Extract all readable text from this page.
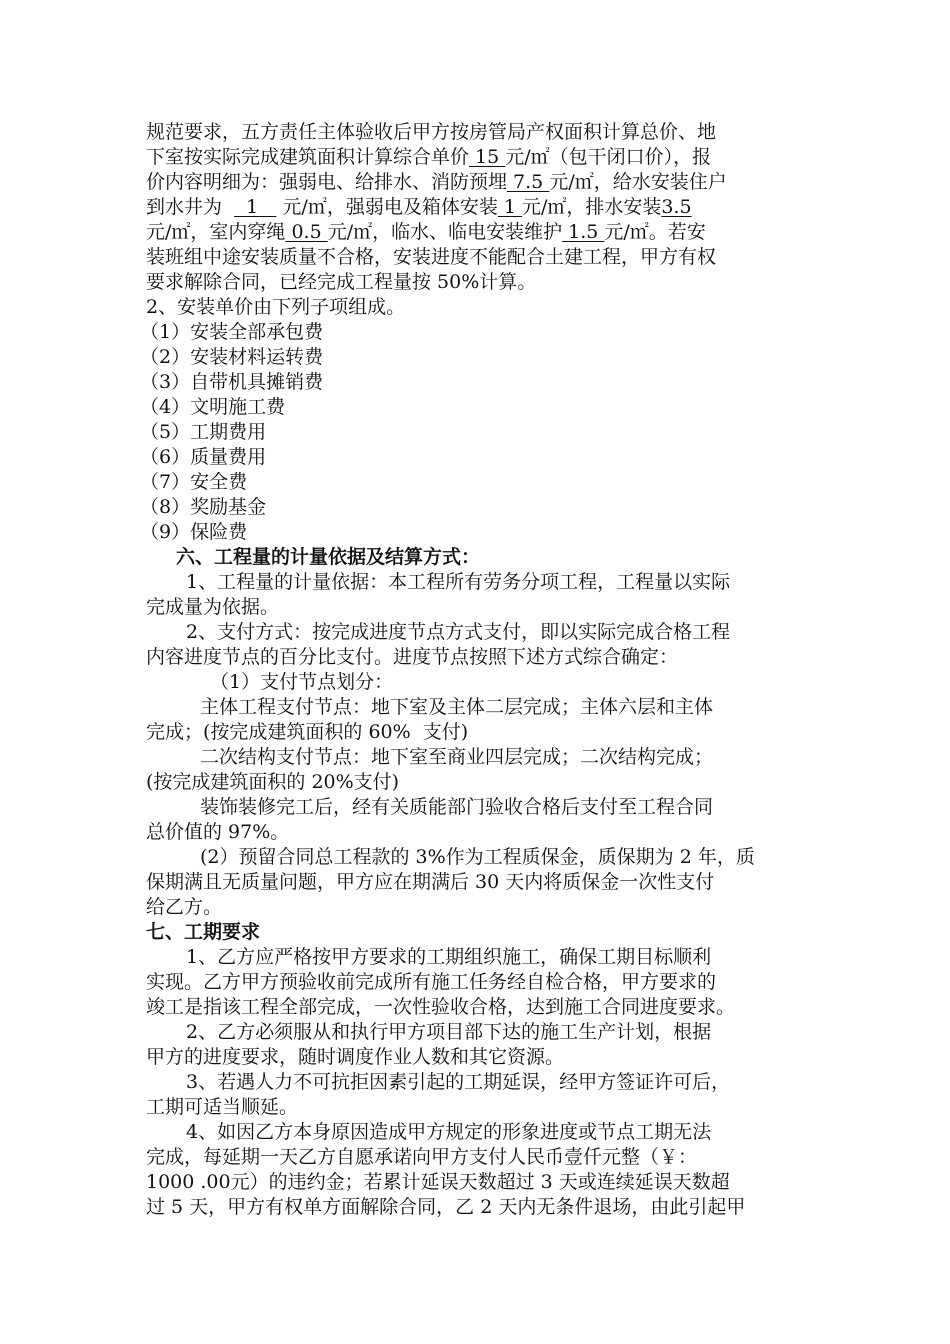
规范要求，五方责任主体验收后甲方按房管局产权面积计算总价、地
下室按实际完成建筑面积计算综合单价 15 元/㎡（包干闭口价），报
价内容明细为：强弱电、给排水、消防预埋 7.5 元/㎡，给水安装住户
到水井为    1    元/㎡，强弱电及箱体安装 1 元/㎡，排水安装3.5
元/㎡，室内穿绳 0.5 元/㎡，临水、临电安装维护 1.5 元/㎡。若安
装班组中途安装质量不合格，安装进度不能配合土建工程，甲方有权
要求解除合同，已经完成工程量按 50%计算。
2、安装单价由下列子项组成。
（1）安装全部承包费
（2）安装材料运转费
（3）自带机具摊销费
（4）文明施工费
（5）工期费用
（6）质量费用
（7）安全费
（8）奖励基金
（9）保险费
六、工程量的计量依据及结算方式：
1、工程量的计量依据：本工程所有劳务分项工程，工程量以实际
完成量为依据。
2、支付方式：按完成进度节点方式支付，即以实际完成合格工程
内容进度节点的百分比支付。进度节点按照下述方式综合确定：
（1）支付节点划分：
主体工程支付节点：地下室及主体二层完成；主体六层和主体
完成；(按完成建筑面积的 60%  支付)
二次结构支付节点：地下室至商业四层完成；二次结构完成；
(按完成建筑面积的 20%支付)
装饰装修完工后，经有关质能部门验收合格后支付至工程合同
总价值的 97%。
(2）预留合同总工程款的 3%作为工程质保金，质保期为 2 年，质
保期满且无质量问题，甲方应在期满后 30 天内将质保金一次性支付
给乙方。
七、工期要求
1、乙方应严格按甲方要求的工期组织施工，确保工期目标顺利
实现。乙方甲方预验收前完成所有施工任务经自检合格，甲方要求的
竣工是指该工程全部完成，一次性验收合格，达到施工合同进度要求。
2、乙方必须服从和执行甲方项目部下达的施工生产计划，根据
甲方的进度要求，随时调度作业人数和其它资源。
3、若遇人力不可抗拒因素引起的工期延误，经甲方签证许可后，
工期可适当顺延。
4、如因乙方本身原因造成甲方规定的形象进度或节点工期无法
完成，每延期一天乙方自愿承诺向甲方支付人民币壹仟元整（￥：
1000 .00元）的违约金；若累计延误天数超过 3 天或连续延误天数超
过 5 天，甲方有权单方面解除合同，乙 2 天内无条件退场，由此引起甲
